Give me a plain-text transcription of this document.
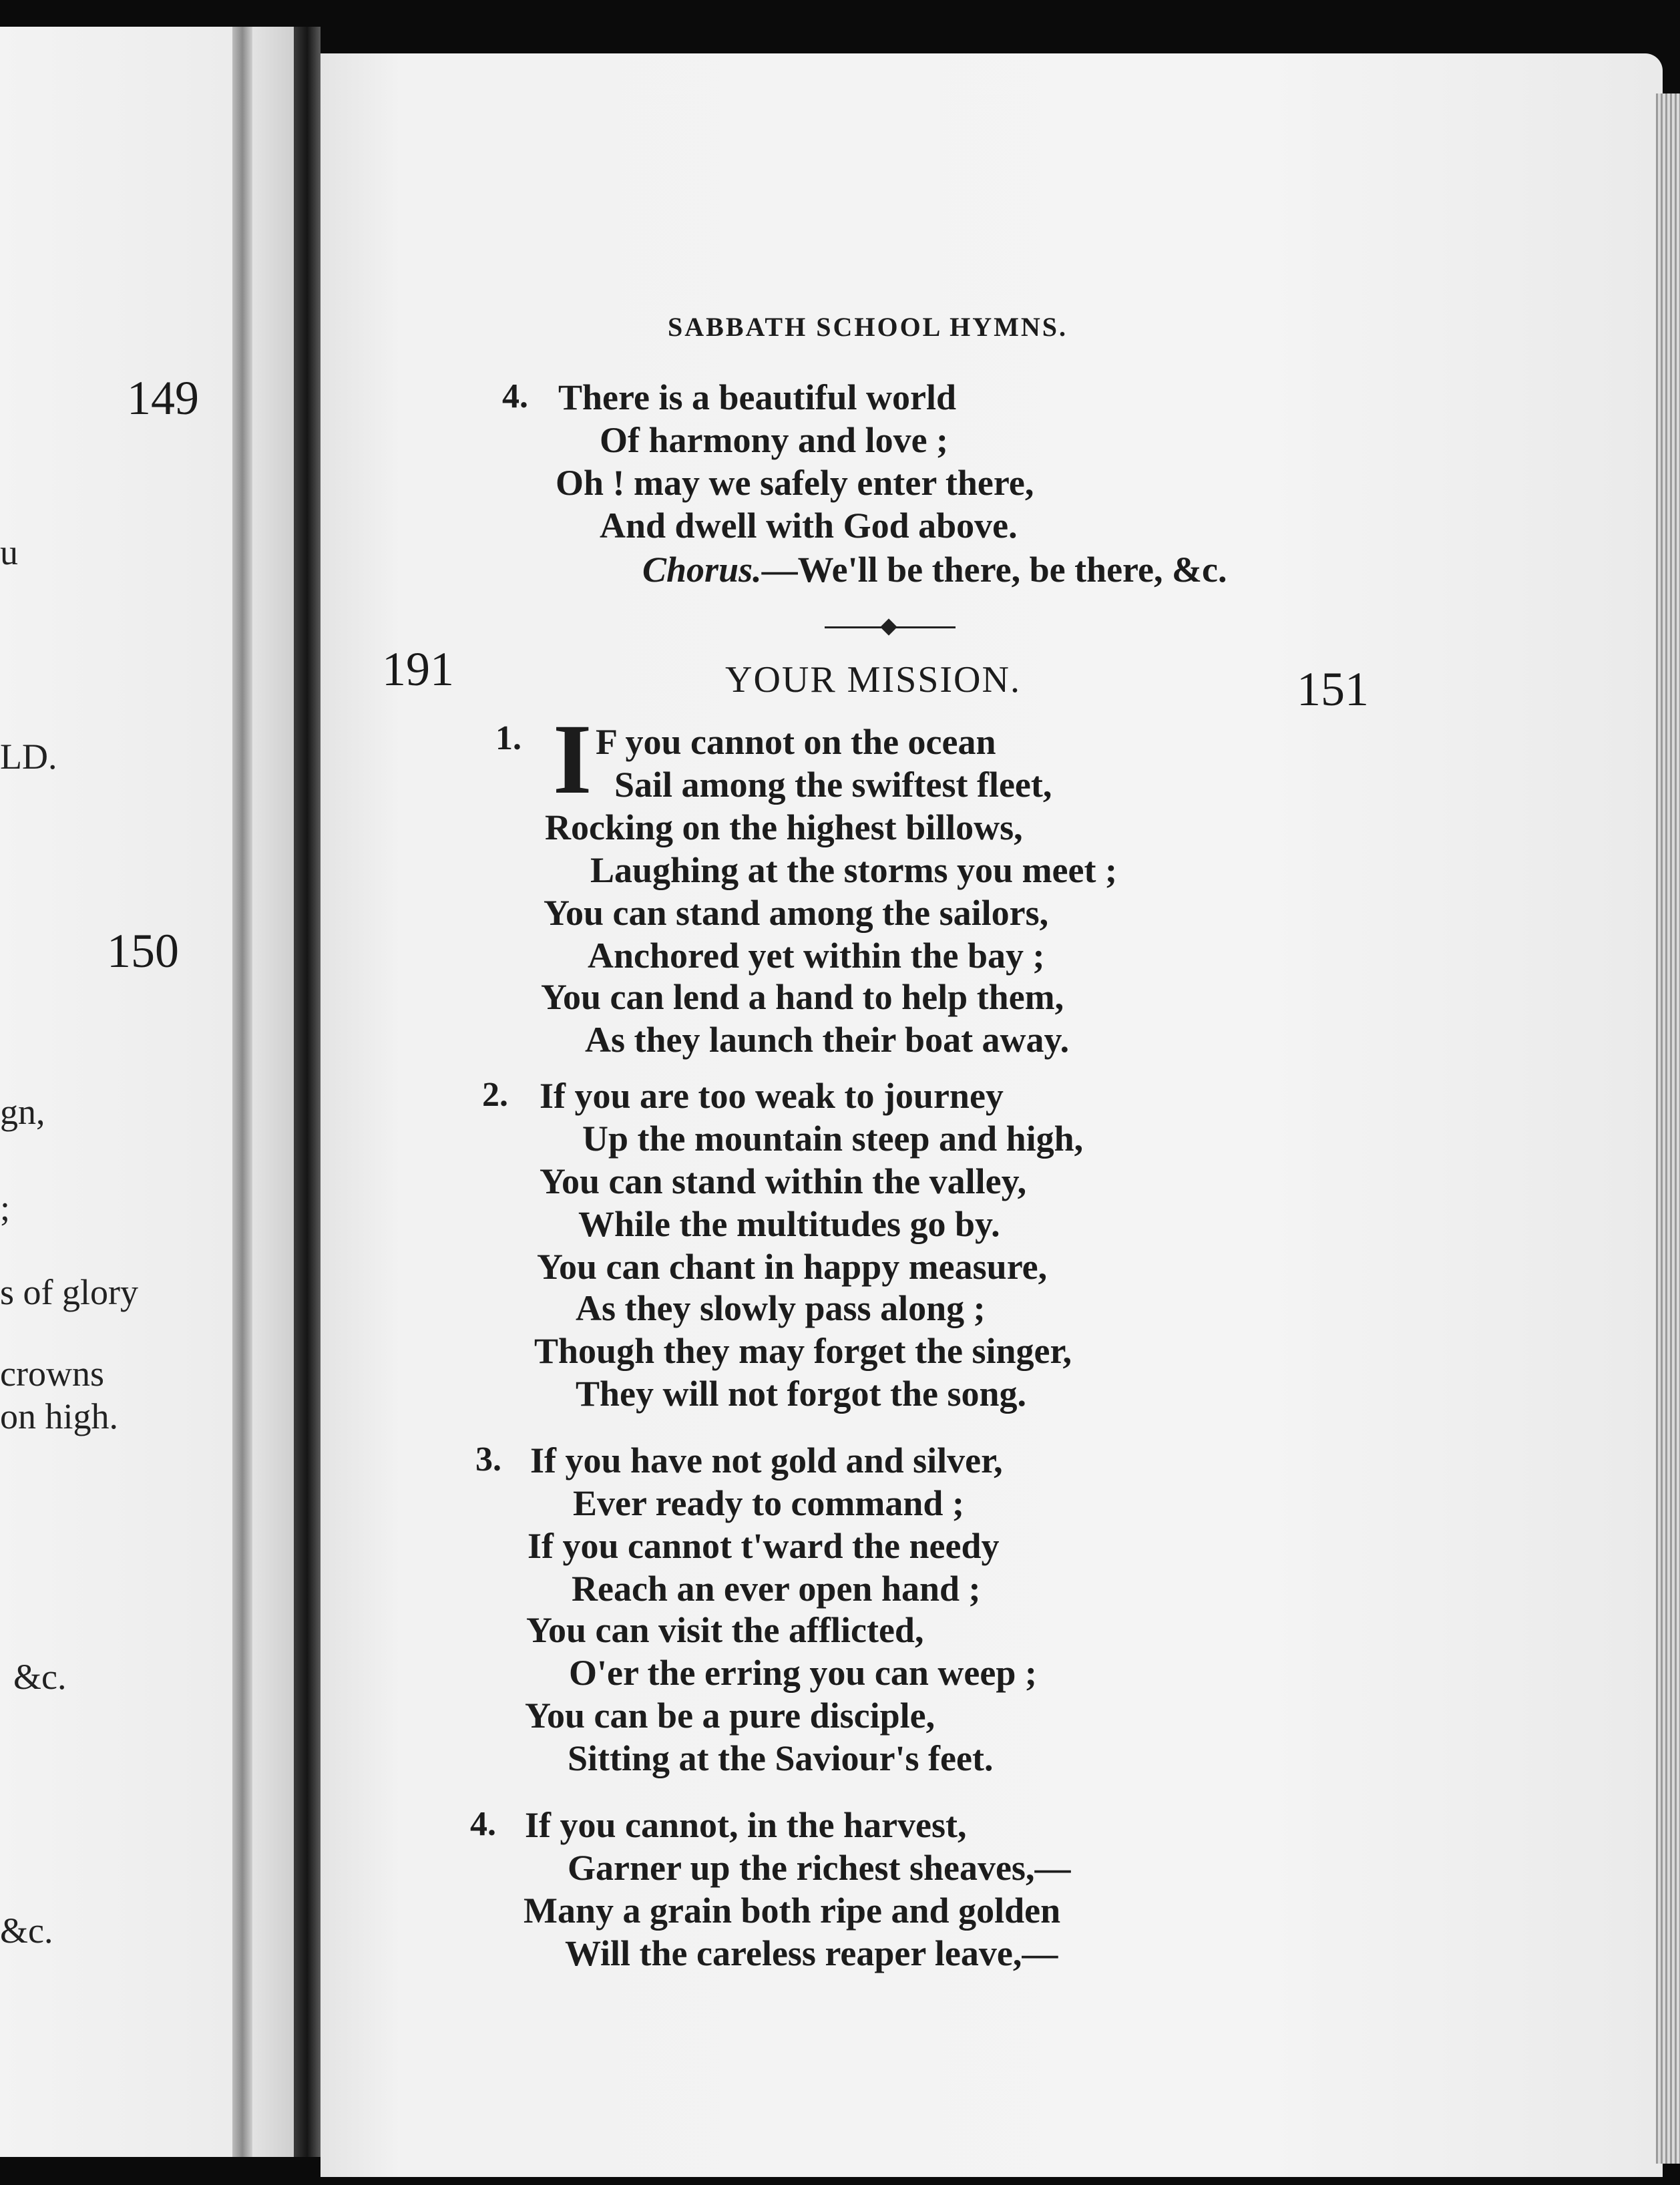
149
150
u
LD.
gn,
;
s of glory
crowns
on high.
&c.
&c.
SABBATH SCHOOL HYMNS.
4. There is a beautiful world
Of harmony and love ;
Oh ! may we safely enter there,
And dwell with God above.
Chorus.—We'll be there, be there, &c.
191	YOUR MISSION.	151
1. I F you cannot on the ocean
Sail among the swiftest fleet,
Rocking on the highest billows,
Laughing at the storms you meet ;
You can stand among the sailors,
Anchored yet within the bay ;
You can lend a hand to help them,
As they launch their boat away.
2. If you are too weak to journey
Up the mountain steep and high,
You can stand within the valley,
While the multitudes go by.
You can chant in happy measure,
As they slowly pass along ;
Though they may forget the singer,
They will not forgot the song.
3. If you have not gold and silver,
Ever ready to command ;
If you cannot t'ward the needy
Reach an ever open hand ;
You can visit the afflicted,
O'er the erring you can weep ;
You can be a pure disciple,
Sitting at the Saviour's feet.
4. If you cannot, in the harvest,
Garner up the richest sheaves,—
Many a grain both ripe and golden
Will the careless reaper leave,—
